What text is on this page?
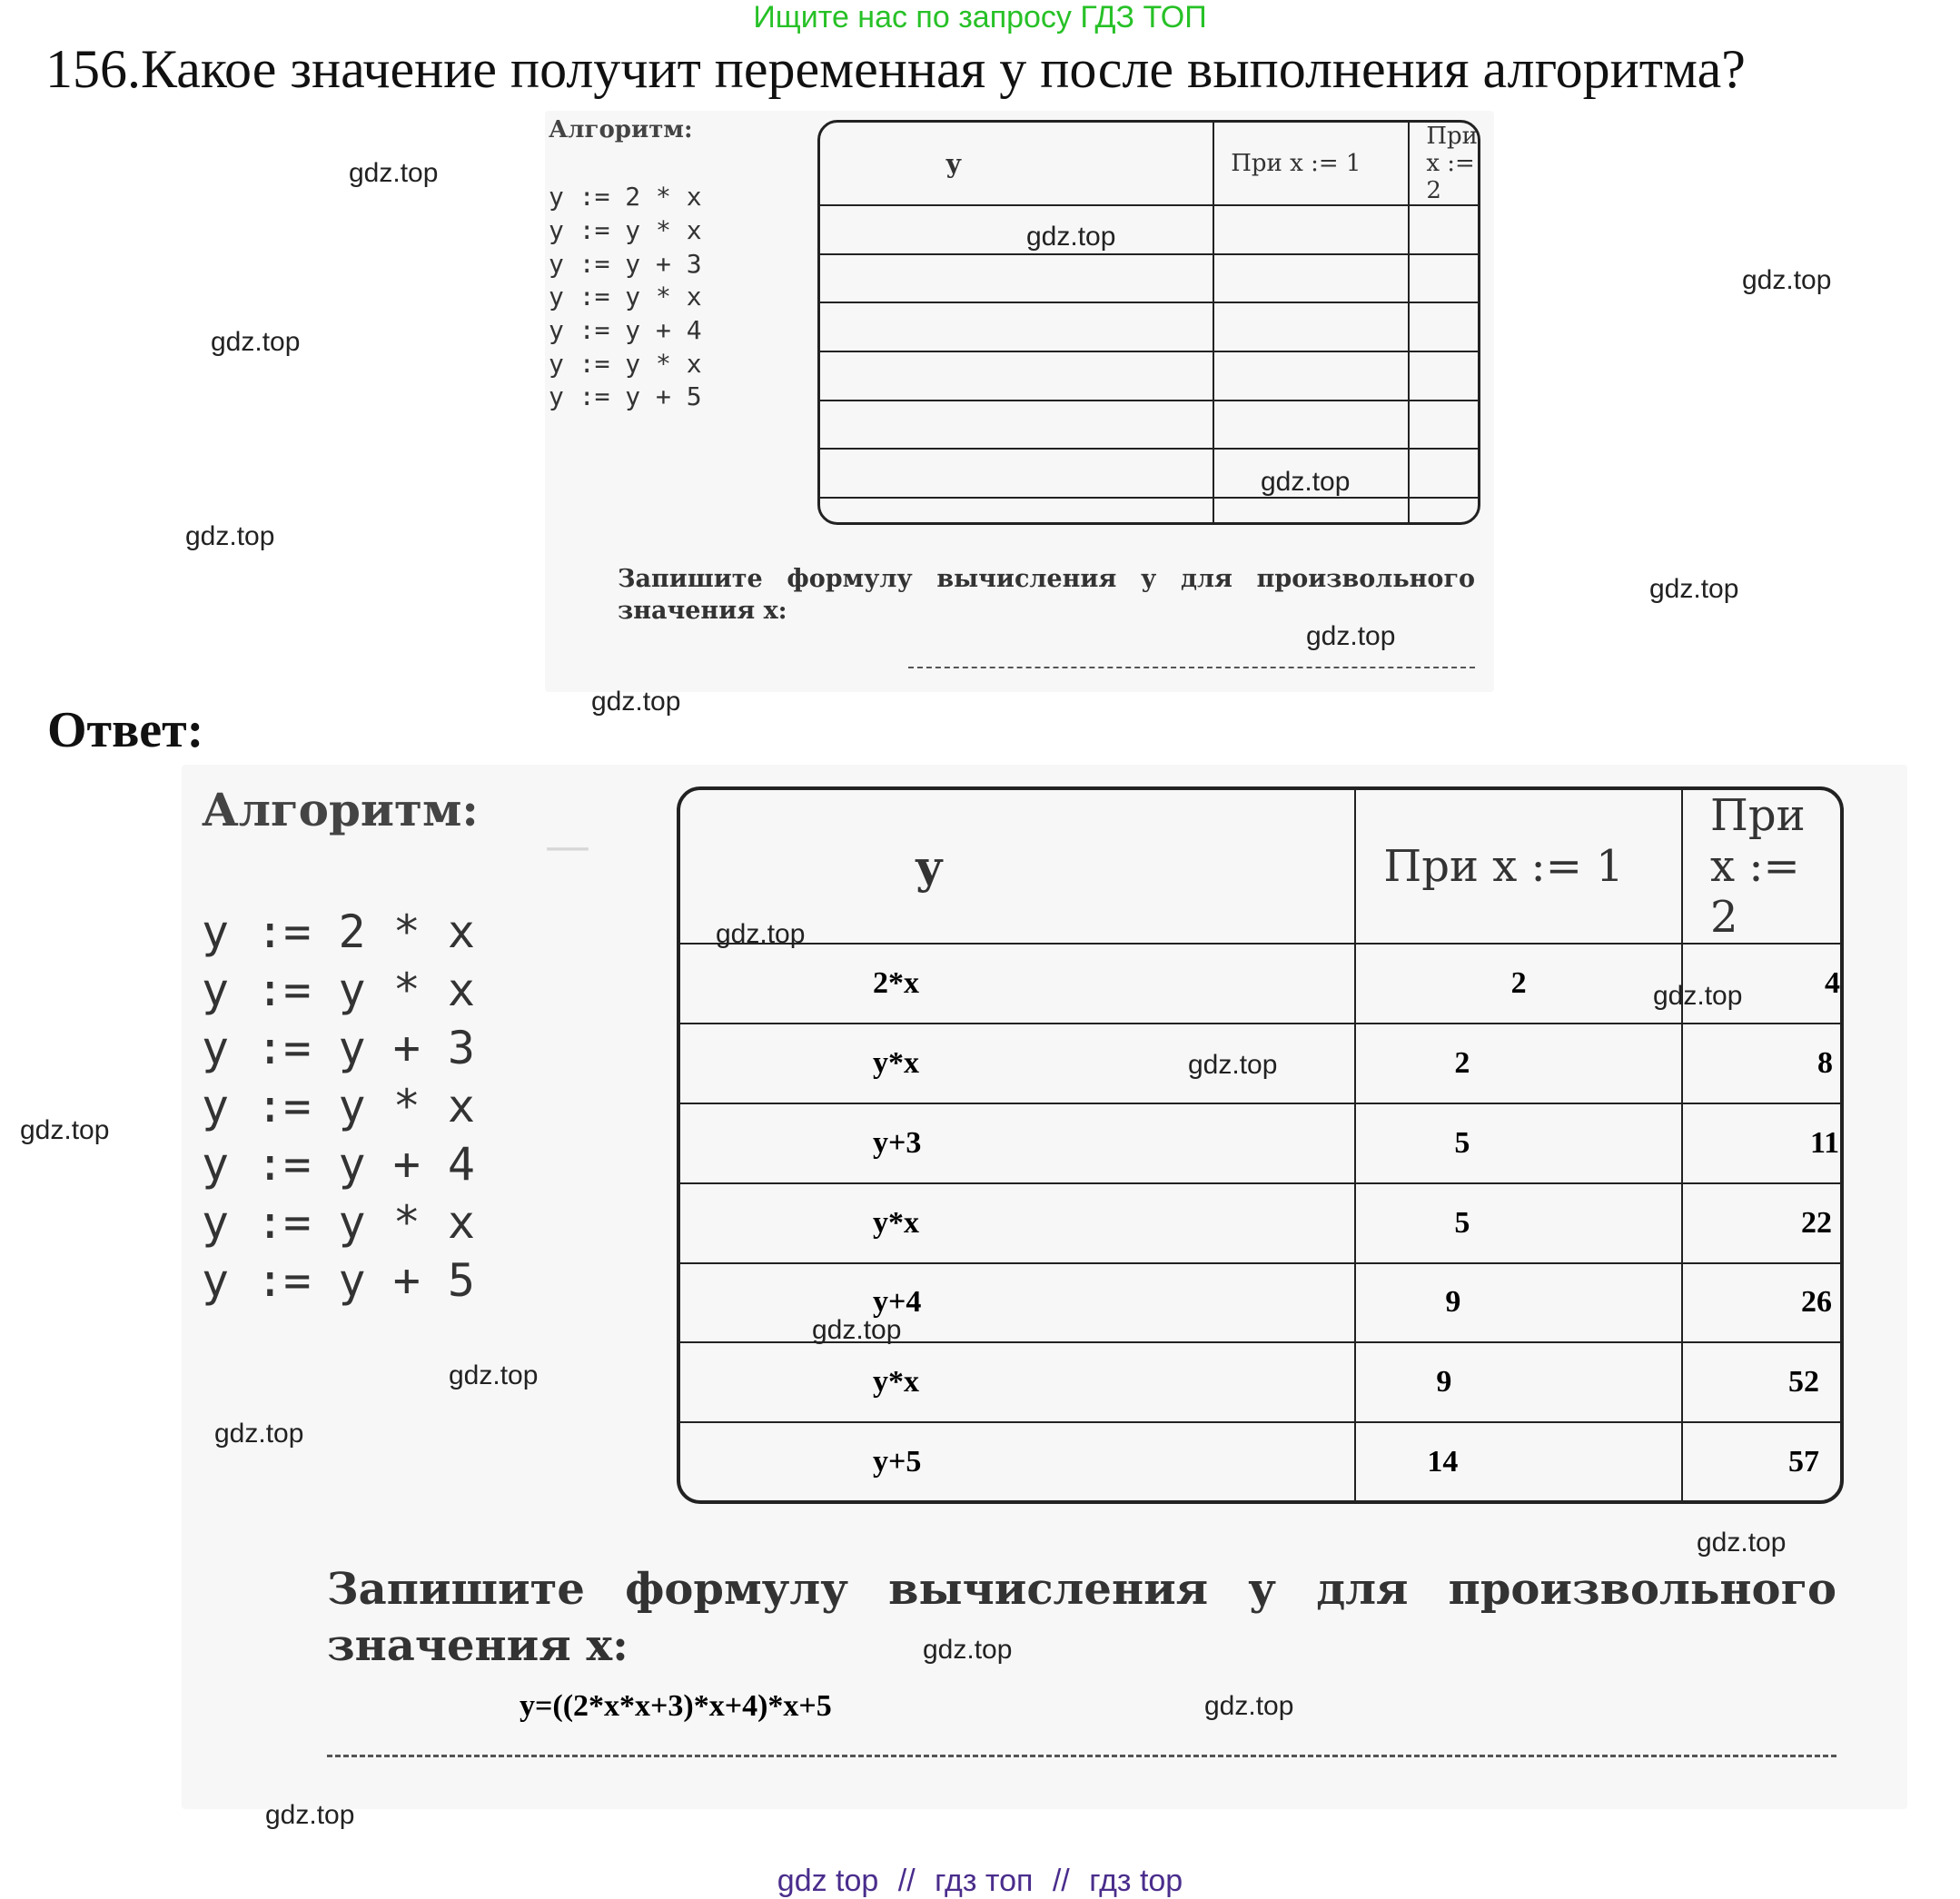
Ищите нас по запросу ГДЗ ТОП
156.Какое значение получит переменная у после выполнения алгоритма?
Алгоритм:
у := 2 * х
у := у * х
у := у + 3
у := у * х
у := у + 4
у := у * х
у := у + 5
у	При х := 1	При х := 2

Запишите формулу вычисления у для произвольного
значения х:
Ответ:
—
Алгоритм:
у := 2 * х
у := у * х
у := у + 3
у := у * х
у := у + 4
у := у * х
у := у + 5
у	При х := 1	При х := 2
2*x	2	4
y*x	2	8
y+3	5	11
y*x	5	22
y+4	9	26
y*x	9	52
y+5	14	57
Запишите формулу вычисления у для произвольного
значения х:
y=((2*x*x+3)*x+4)*x+5
gdz.top
gdz.top
gdz.top
gdz.top
gdz.top
gdz.top
gdz.top
gdz.top
gdz.top
gdz.top
gdz.top
gdz.top
gdz.top
gdz.top
gdz.top
gdz.top
gdz.top
gdz.top
gdz.top
gdz.top
gdz top // гдз топ // гдз top
